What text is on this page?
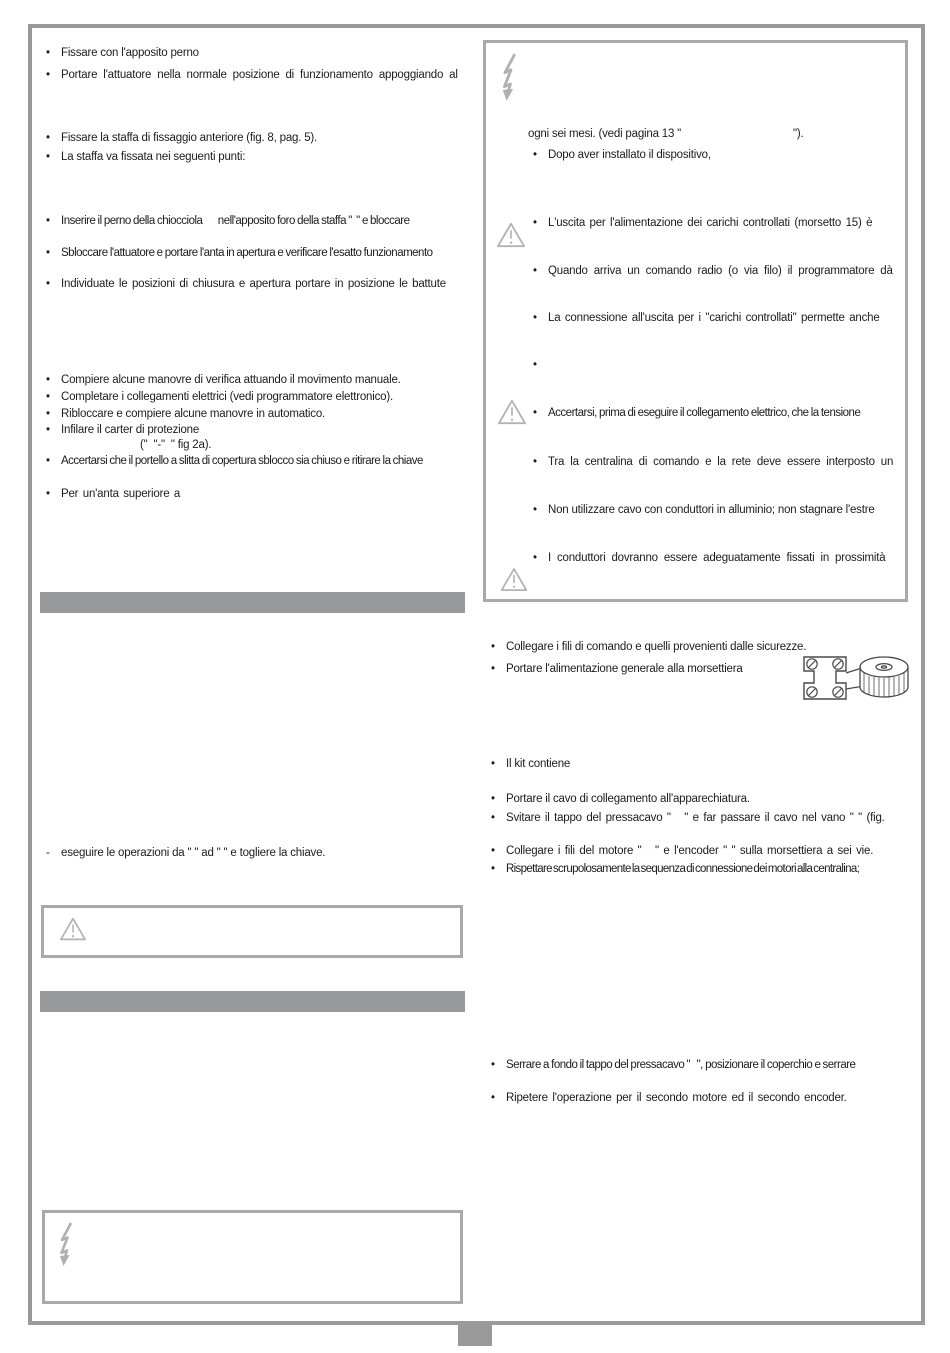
• Fissare con l'apposito perno
• Portare l'attuatore nella normale posizione di funzionamento appoggiando al
• Fissare la staffa di fissaggio anteriore (fig. 8, pag. 5).
• La staffa va fissata nei seguenti punti:
• Inserire il perno della chiocciola       nell'apposito foro della staffa "  " e bloccare
• Sbloccare l'attuatore e portare l'anta in apertura e verificare l'esatto funzionamento
• Individuate le posizioni di chiusura e apertura portare in posizione le battute
• Compiere alcune manovre di verifica attuando il movimento manuale.
• Completare i collegamenti elettrici (vedi programmatore elettronico).
• Ribloccare e compiere alcune manovre in automatico.
• Infilare il carter di protezione
("  "-"  " fig 2a).
• Accertarsi che il portello a slitta di copertura sblocco sia chiuso e ritirare la chiave
• Per un'anta superiore a
- eseguire le operazioni da " " ad " " e togliere la chiave.
ogni sei mesi. (vedi pagina 13 "	").
• Dopo aver installato il dispositivo,
• L'uscita per l'alimentazione dei carichi controllati (morsetto 15) è
• Quando arriva un comando radio (o via filo) il programmatore dà
• La connessione all'uscita per i "carichi controllati" permette anche
• Accertarsi, prima di eseguire il collegamento elettrico, che la tensione
• Tra la centralina di comando e la rete deve essere interposto un
• Non utilizzare cavo con conduttori in alluminio; non stagnare l'estre
• I conduttori dovranno essere adeguatamente fissati in prossimità
• Collegare i fili di comando e quelli provenienti dalle sicurezze.
• Portare l'alimentazione generale alla morsettiera
• Il kit contiene
• Portare il cavo di collegamento all'apparechiatura.
• Svitare il tappo del pressacavo "   " e far passare il cavo nel vano " " (fig.
• Collegare i fili del motore "   " e l'encoder " " sulla morsettiera a sei vie.
• Rispettare scrupolosamente la sequenza di connessione dei motori alla centralina;
• Serrare a fondo il tappo del pressacavo "   ", posizionare il coperchio e serrare
• Ripetere l'operazione per il secondo motore ed il secondo encoder.
